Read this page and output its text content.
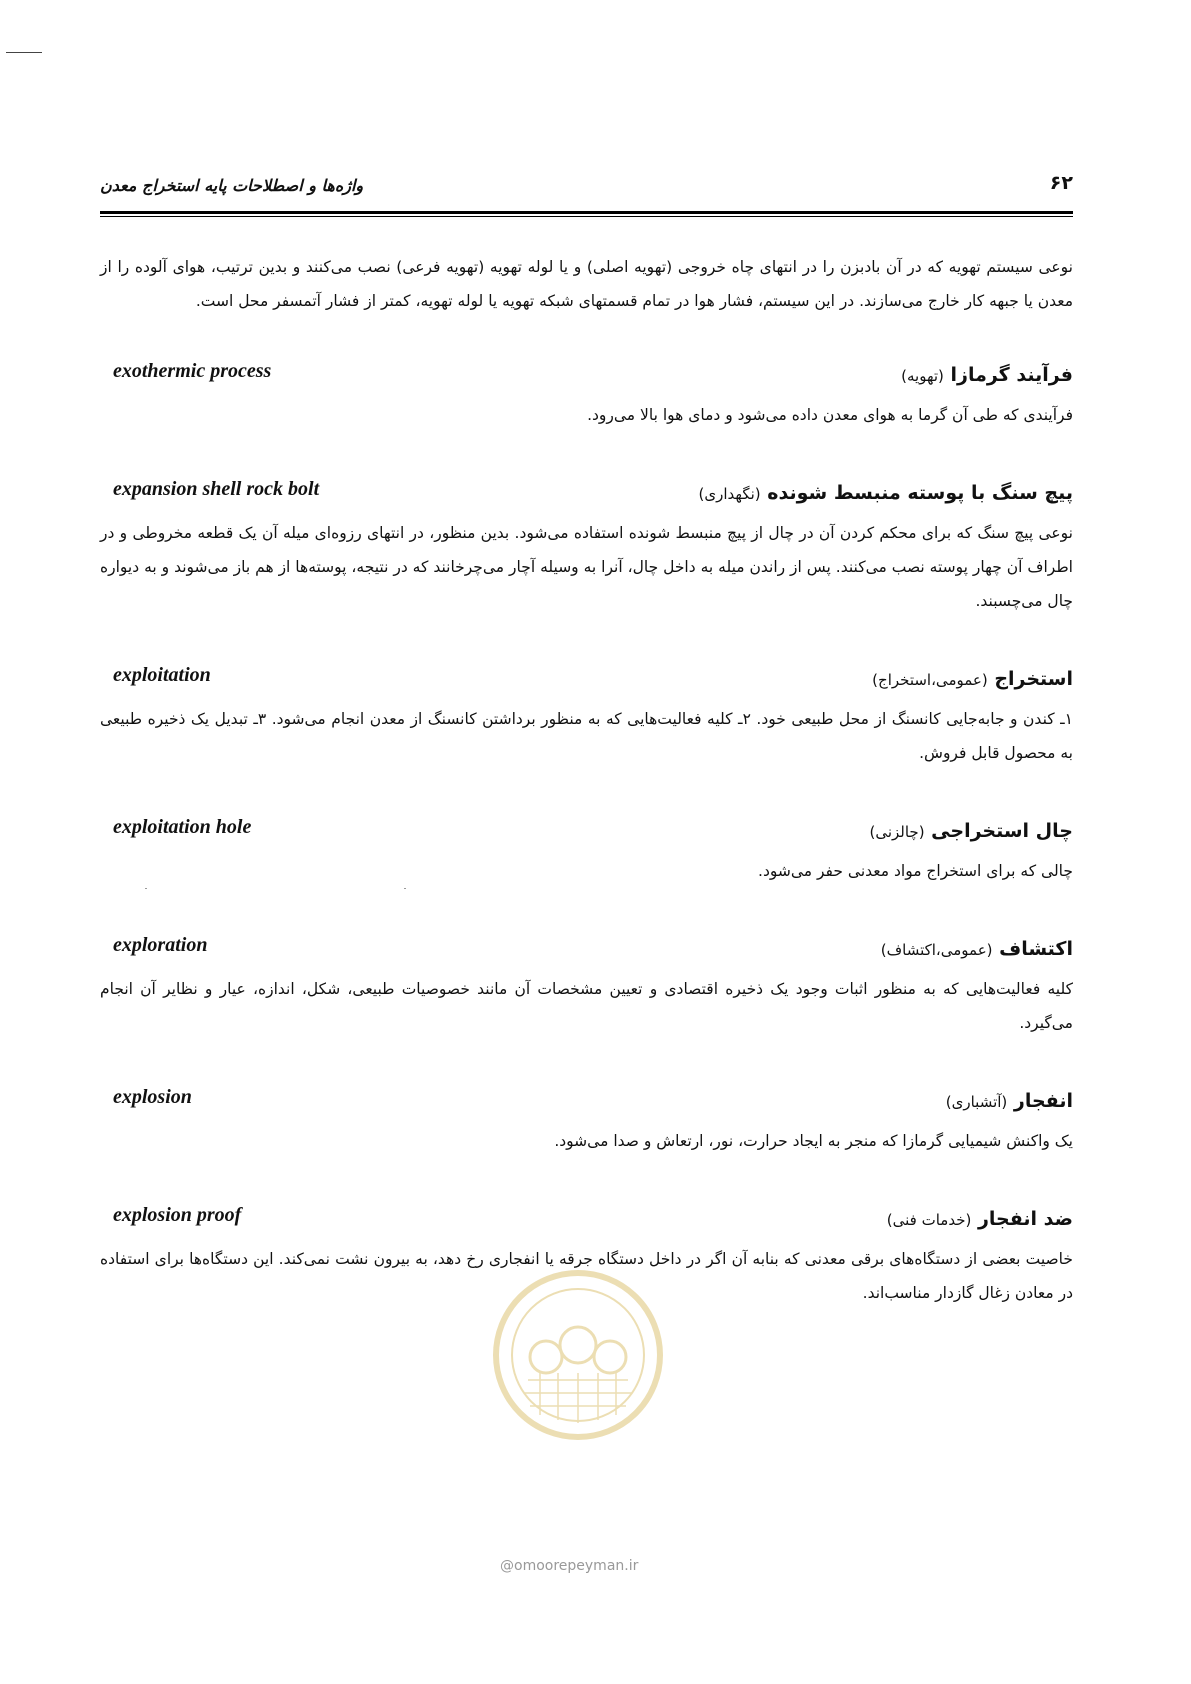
۶۲
واژه‌ها و اصطلاحات پایه استخراج معدن

نوعی سیستم تهویه که در آن بادبزن را در انتهای چاه خروجی (تهویه اصلی) و یا لوله تهویه (تهویه فرعی) نصب می‌کنند و بدین ترتیب، هوای آلوده را از معدن یا جبهه کار خارج می‌سازند. در این سیستم، فشار هوا در تمام قسمتهای شبکه تهویه یا لوله تهویه، کمتر از فشار آتمسفر محل است.

فرآیند گرمازا (تهویه)
exothermic process

فرآیندی که طی آن گرما به هوای معدن داده می‌شود و دمای هوا بالا می‌رود.

پیچ سنگ با پوسته منبسط شونده (نگهداری)
expansion shell rock bolt

نوعی پیچ سنگ که برای محکم کردن آن در چال از پیچ منبسط شونده استفاده می‌شود. بدین منظور، در انتهای رزوه‌ای میله آن یک قطعه مخروطی و در اطراف آن چهار پوسته نصب می‌کنند. پس از راندن میله به داخل چال، آنرا به وسیله آچار می‌چرخانند که در نتیجه، پوسته‌ها از هم باز می‌شوند و به دیواره چال می‌چسبند.

استخراج (عمومی،استخراج)
exploitation

۱ـ کندن و جابه‌جایی کانسنگ از محل طبیعی خود. ۲ـ کلیه فعالیت‌هایی که به منظور برداشتن کانسنگ از معدن انجام می‌شود. ۳ـ تبدیل یک ذخیره طبیعی به محصول قابل فروش.

چال استخراجی (چالزنی)
exploitation hole

چالی که برای استخراج مواد معدنی حفر می‌شود.

اکتشاف (عمومی،اکتشاف)
exploration

کلیه فعالیت‌هایی که به منظور اثبات وجود یک ذخیره اقتصادی و تعیین مشخصات آن مانند خصوصیات طبیعی، شکل، اندازه، عیار و نظایر آن انجام می‌گیرد.

انفجار (آتشباری)
explosion

یک واکنش شیمیایی گرمازا که منجر به ایجاد حرارت، نور، ارتعاش و صدا می‌شود.

ضد انفجار (خدمات فنی)
explosion proof

خاصیت بعضی از دستگاه‌های برقی معدنی که بنابه آن اگر در داخل دستگاه جرقه یا انفجاری رخ دهد، به بیرون نشت نمی‌کند. این دستگاه‌ها برای استفاده در معادن زغال گازدار مناسب‌اند.

@omoorepeyman.ir
